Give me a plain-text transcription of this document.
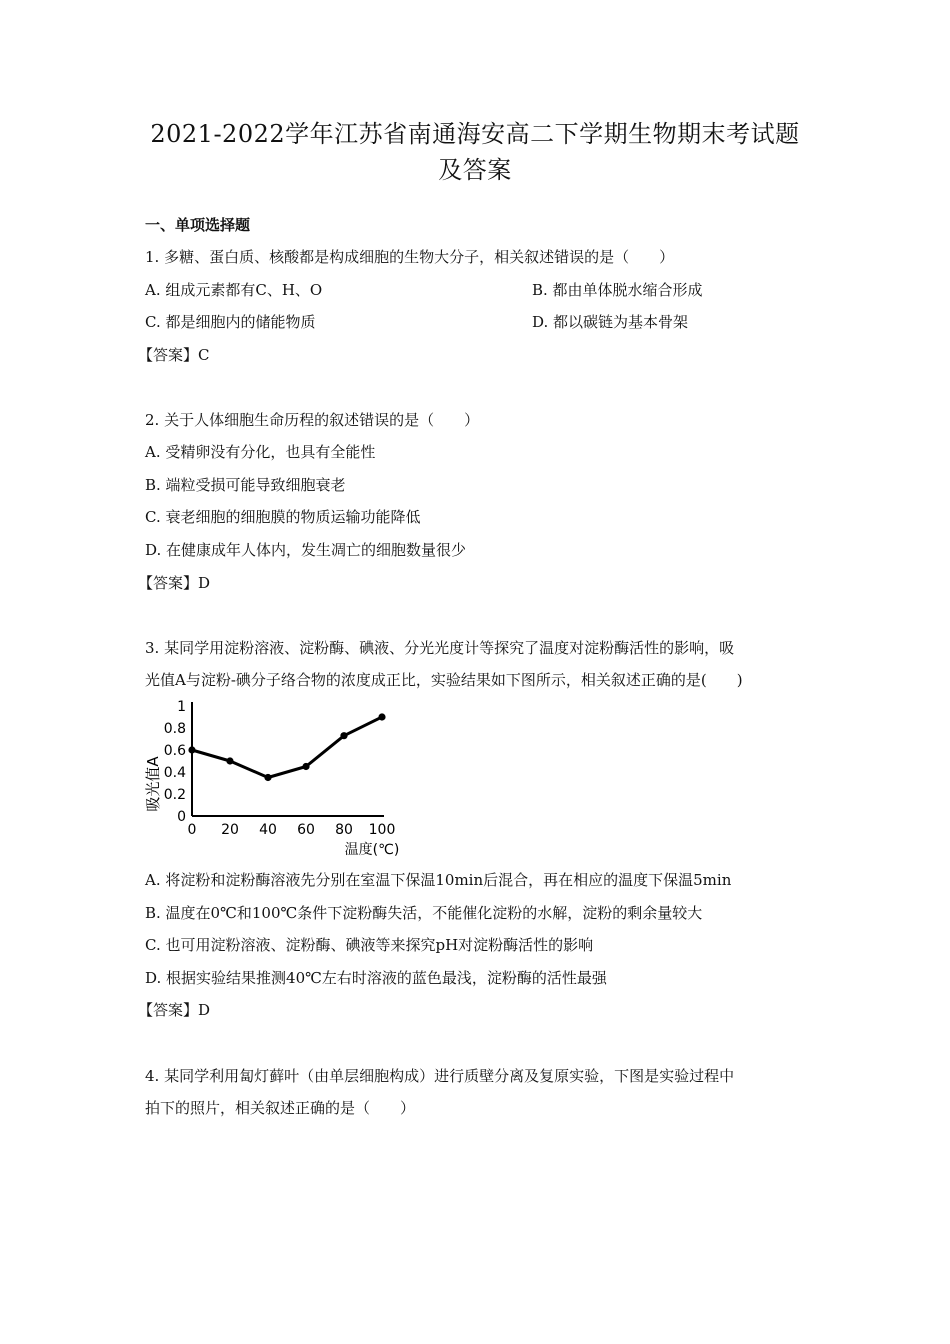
2021-2022学年江苏省南通海安高二下学期生物期末考试题
及答案
一、单项选择题
1. 多糖、蛋白质、核酸都是构成细胞的生物大分子，相关叙述错误的是（　　）
A. 组成元素都有C、H、O	B. 都由单体脱水缩合形成
C. 都是细胞内的储能物质	D. 都以碳链为基本骨架
【答案】C
2. 关于人体细胞生命历程的叙述错误的是（　　）
A. 受精卵没有分化，也具有全能性
B. 端粒受损可能导致细胞衰老
C. 衰老细胞的细胞膜的物质运输功能降低
D. 在健康成年人体内，发生凋亡的细胞数量很少
【答案】D
3. 某同学用淀粉溶液、淀粉酶、碘液、分光光度计等探究了温度对淀粉酶活性的影响，吸
光值A与淀粉-碘分子络合物的浓度成正比，实验结果如下图所示，相关叙述正确的是(　　)
0
0.2
0.4
0.6
0.8
1
0 20 40 60 80 100
温度(℃)
吸光值A
A. 将淀粉和淀粉酶溶液先分别在室温下保温10min后混合，再在相应的温度下保温5min
B. 温度在0℃和100℃条件下淀粉酶失活，不能催化淀粉的水解，淀粉的剩余量较大
C. 也可用淀粉溶液、淀粉酶、碘液等来探究pH对淀粉酶活性的影响
D. 根据实验结果推测40℃左右时溶液的蓝色最浅，淀粉酶的活性最强
【答案】D
4. 某同学利用匐灯藓叶（由单层细胞构成）进行质壁分离及复原实验，下图是实验过程中
拍下的照片，相关叙述正确的是（　　）
